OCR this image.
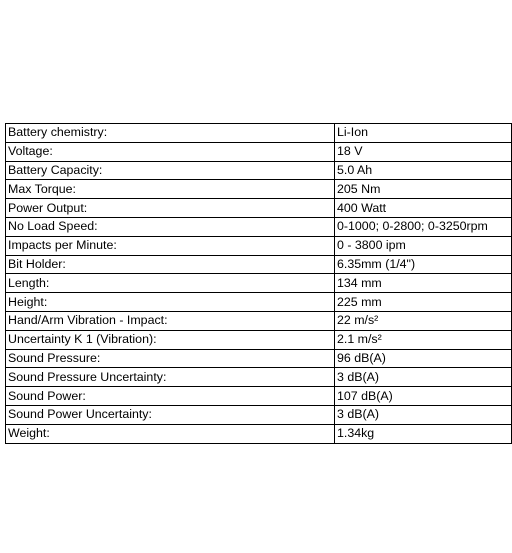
Battery chemistry:	Li-Ion
Voltage:	18 V
Battery Capacity:	5.0 Ah
Max Torque:	205 Nm
Power Output:	400 Watt
No Load Speed:	0-1000; 0-2800; 0-3250rpm
Impacts per Minute:	0 - 3800 ipm
Bit Holder:	6.35mm (1/4")
Length:	134 mm
Height:	225 mm
Hand/Arm Vibration - Impact:	22 m/s²
Uncertainty K 1 (Vibration):	2.1 m/s²
Sound Pressure:	96 dB(A)
Sound Pressure Uncertainty:	3 dB(A)
Sound Power:	107 dB(A)
Sound Power Uncertainty:	3 dB(A)
Weight:	1.34kg
